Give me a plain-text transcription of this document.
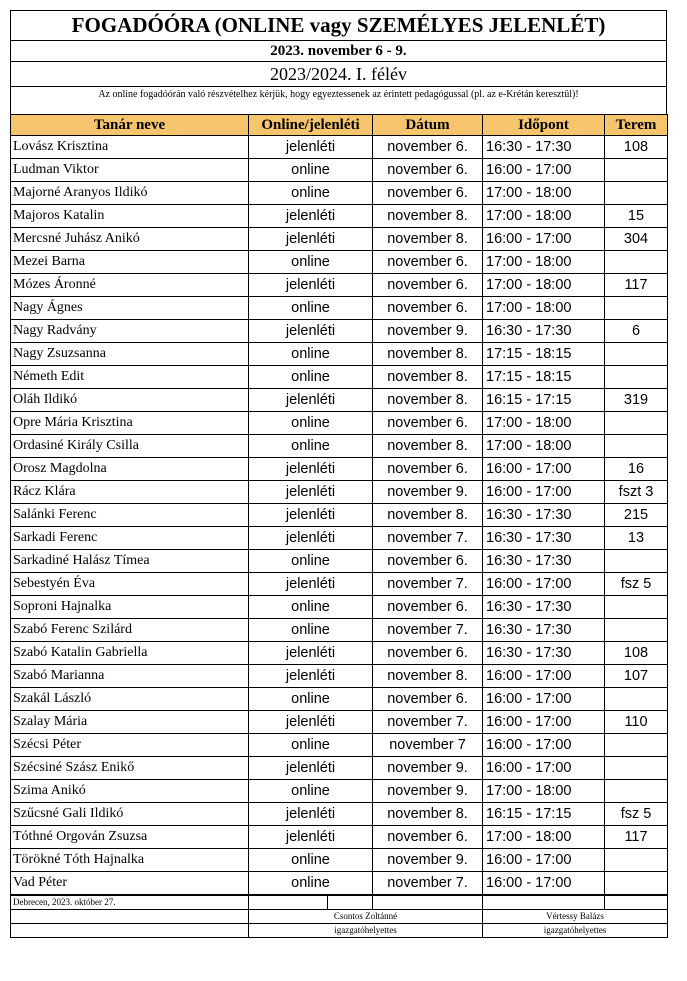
FOGADÓÓRA (ONLINE vagy SZEMÉLYES JELENLÉT)
2023. november 6 - 9.
2023/2024. I. félév
Az online fogadóórán való részvételhez kérjük, hogy egyeztessenek az érintett pedagógussal (pl. az e-Krétán keresztül)!
Tanár neve	Online/jelenléti	Dátum	Időpont	Terem
Lovász Krisztina	jelenléti	november 6.	16:30 - 17:30	108
Ludman Viktor	online	november 6.	16:00 - 17:00	
Majorné Aranyos Ildikó	online	november 6.	17:00 - 18:00	
Majoros Katalin	jelenléti	november 8.	17:00 - 18:00	15
Mercsné Juhász Anikó	jelenléti	november 8.	16:00 - 17:00	304
Mezei Barna	online	november 6.	17:00 - 18:00	
Mózes Áronné	jelenléti	november 6.	17:00 - 18:00	117
Nagy Ágnes	online	november 6.	17:00 - 18:00	
Nagy Radvány	jelenléti	november 9.	16:30 - 17:30	6
Nagy Zsuzsanna	online	november 8.	17:15 - 18:15	
Németh Edit	online	november 8.	17:15 - 18:15	
Oláh Ildikó	jelenléti	november 8.	16:15 - 17:15	319
Opre Mária Krisztina	online	november 6.	17:00 - 18:00	
Ordasiné Király Csilla	online	november 8.	17:00 - 18:00	
Orosz Magdolna	jelenléti	november 6.	16:00 - 17:00	16
Rácz Klára	jelenléti	november 9.	16:00 - 17:00	fszt 3
Salánki Ferenc	jelenléti	november 8.	16:30 - 17:30	215
Sarkadi Ferenc	jelenléti	november 7.	16:30 - 17:30	13
Sarkadiné Halász Tímea	online	november 6.	16:30 - 17:30	
Sebestyén Éva	jelenléti	november 7.	16:00 - 17:00	fsz 5
Soproni Hajnalka	online	november 6.	16:30 - 17:30	
Szabó Ferenc Szilárd	online	november 7.	16:30 - 17:30	
Szabó Katalin Gabriella	jelenléti	november 6.	16:30 - 17:30	108
Szabó Marianna	jelenléti	november 8.	16:00 - 17:00	107
Szakál László	online	november 6.	16:00 - 17:00	
Szalay Mária	jelenléti	november 7.	16:00 - 17:00	110
Szécsi Péter	online	november 7	16:00 - 17:00	
Szécsiné Szász Enikő	jelenléti	november 9.	16:00 - 17:00	
Szima Anikó	online	november 9.	17:00 - 18:00	
Szűcsné Gali Ildikó	jelenléti	november 8.	16:15 - 17:15	fsz 5
Tóthné Orgován Zsuzsa	jelenléti	november 6.	17:00 - 18:00	117
Törökné Tóth Hajnalka	online	november 9.	16:00 - 17:00	
Vad Péter	online	november 7.	16:00 - 17:00	
Debrecen, 2023. október 27.					
	Csontos Zoltánné			Vértessy Balázs	
	igazgatóhelyettes			igazgatóhelyettes	
